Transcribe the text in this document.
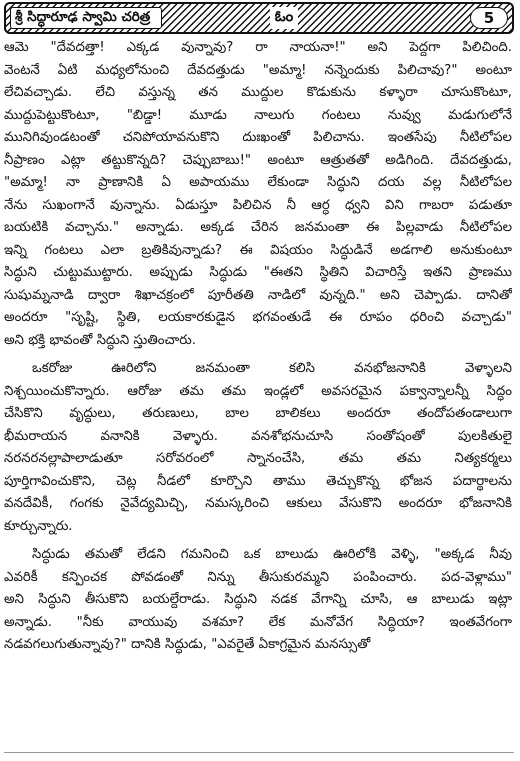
శ్రీ సిద్ధారూఢ స్వామి చరిత్ర	ఓం	5
ఆమె "దేవదత్తా! ఎక్కడ వున్నావు? రా నాయనా!" అని పెద్దగా పిలిచింది.
వెంటనే ఏటి మధ్యలోనుంచి దేవదత్తుడు "అమ్మా! నన్నెందుకు పిలిచావు?" అంటూ
లేచివచ్చాడు. లేచి వస్తున్న తన ముద్దుల కొడుకును కళ్ళారా చూసుకొంటూ,
ముద్దుపెట్టుకొంటూ, "బిడ్డా! మూడు నాలుగు గంటలు నువ్వు మడుగులోనే
మునిగివుండటంతో చనిపోయావనుకొని దుఃఖంతో పిలిచాను. ఇంతసేపు నీటిలోపల
నీప్రాణం ఎట్లా తట్టుకొన్నది? చెప్పుబాబు!" అంటూ ఆత్రుతతో అడిగింది. దేవదత్తుడు,
"అమ్మా! నా ప్రాణానికి ఏ అపాయము లేకుండా సిద్ధుని దయ వల్ల నీటిలోపల
నేను సుఖంగానే వున్నాను. ఏడుస్తూ పిలిచిన నీ ఆర్ధ ధ్వని విని గాబరా పడుతూ
బయటికి వచ్చాను." అన్నాడు. అక్కడ చేరిన జనమంతా ఈ పిల్లవాడు నీటిలోపల
ఇన్ని గంటలు ఎలా బ్రతికివున్నాడు? ఈ విషయం సిద్ధుడినే అడగాలి అనుకుంటూ
సిద్ధుని చుట్టుముట్టారు. అప్పుడు సిద్ధుడు "ఈతని స్థితిని విచారిస్తే ఇతని ప్రాణము
సుషుమ్ననాడి ద్వారా శిఖాచక్రంలో పూరీతతి నాడిలో వున్నది." అని చెప్పాడు. దానితో
అందరూ "సృష్టి, స్థితి, లయకారకుడైన భగవంతుడే ఈ రూపం ధరించి వచ్చాడు"
అని భక్తి భావంతో సిద్ధుని స్తుతించారు.
ఒకరోజు ఊరిలోని జనమంతా కలిసి వనభోజనానికి వెళ్ళాలని
నిశ్చయించుకొన్నారు. ఆరోజు తమ తమ ఇండ్లలో అవసరమైన పక్వాన్నాలన్నీ సిద్ధం
చేసికొని వృద్ధులు, తరుణులు, బాల బాలికలు అందరూ తందోపతండాలుగా
భీమరాయన వనానికి వెళ్ళారు. వనశోభనుచూసి సంతోషంతో పులకితులై
నరనరనల్లాపాలాడుతూ సరోవరంలో స్నానంచేసి, తమ తమ నిత్యకర్మలు
పూర్తిగావించుకొని, చెట్ల నీడలో కూర్చొని తాము తెచ్చుకొన్న భోజన పదార్థాలను
వనదేవికీ, గంగకు నైవేద్యమిచ్చి, నమస్కరించి ఆకులు వేసుకొని అందరూ భోజనానికి
కూర్చున్నారు.
సిద్ధుడు తమతో లేడని గమనించి ఒక బాలుడు ఊరిలోకి వెళ్ళి, "అక్కడ నీవు
ఎవరికీ కన్పించక పోవడంతో నిన్ను తీసుకురమ్మని పంపించారు. పద-వెళ్లాము"
అని సిద్ధుని తీసుకొని బయల్దేరాడు. సిద్ధుని నడక వేగాన్ని చూసి, ఆ బాలుడు ఇట్లా
అన్నాడు. "నీకు వాయువు వశమా? లేక మనోవేగ సిద్ధియా? ఇంతవేగంగా
నడవగలుగుతున్నావు?" దానికి సిద్ధుడు, "ఎవరైతే ఏకాగ్రమైన మనస్సుతో
